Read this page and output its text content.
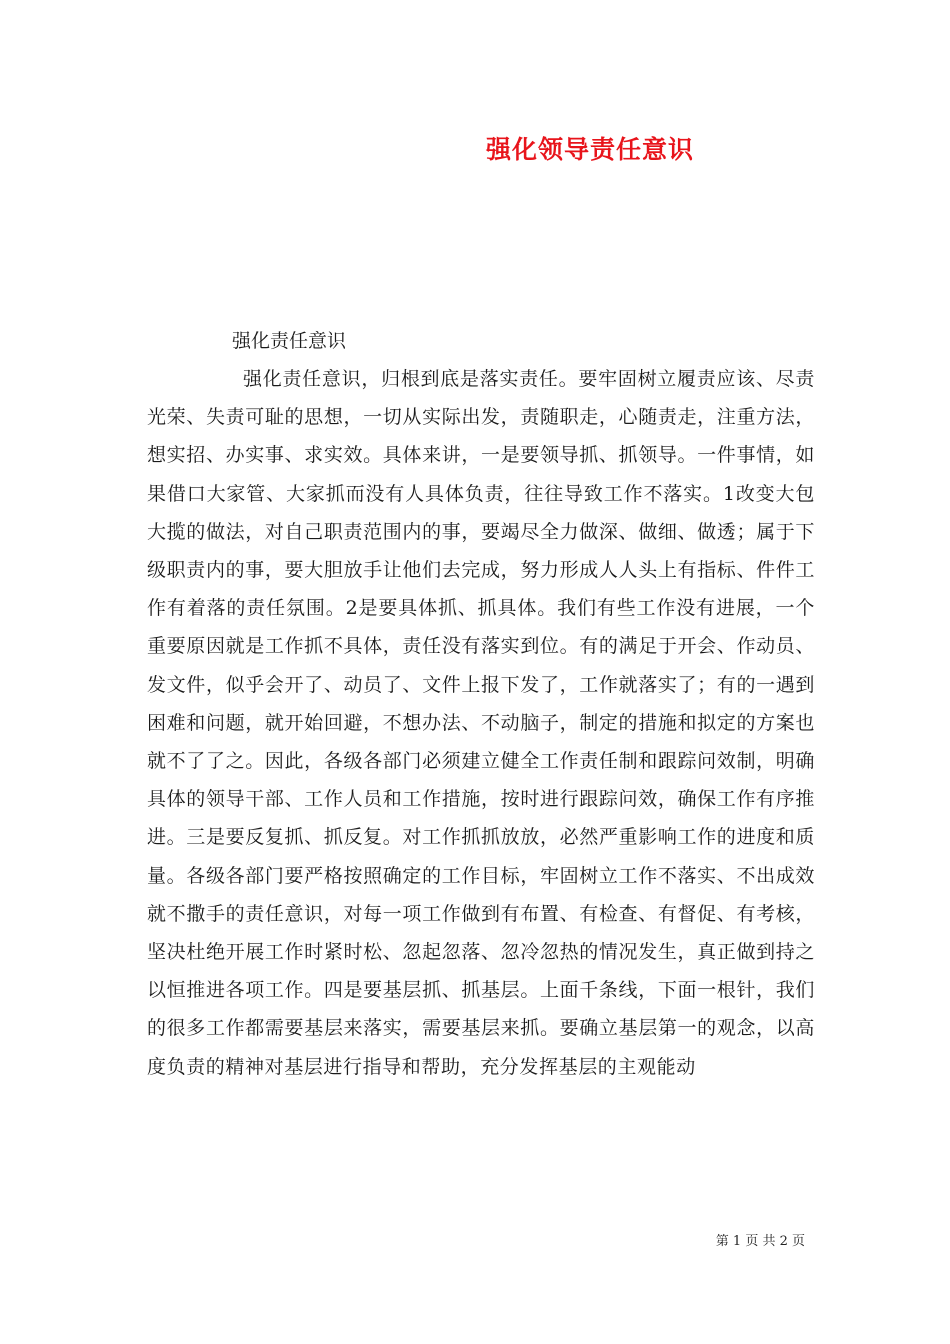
强化领导责任意识
强化责任意识

强化责任意识，归根到底是落实责任。要牢固树立履责应该、尽责光荣、失责可耻的思想，一切从实际出发，责随职走，心随责走，注重方法，想实招、办实事、求实效。具体来讲，一是要领导抓、抓领导。一件事情，如果借口大家管、大家抓而没有人具体负责，往往导致工作不落实。1改变大包大揽的做法，对自己职责范围内的事，要竭尽全力做深、做细、做透；属于下级职责内的事，要大胆放手让他们去完成，努力形成人人头上有指标、件件工作有着落的责任氛围。2是要具体抓、抓具体。我们有些工作没有进展，一个重要原因就是工作抓不具体，责任没有落实到位。有的满足于开会、作动员、发文件，似乎会开了、动员了、文件上报下发了，工作就落实了；有的一遇到困难和问题，就开始回避，不想办法、不动脑子，制定的措施和拟定的方案也就不了了之。因此，各级各部门必须建立健全工作责任制和跟踪问效制，明确具体的领导干部、工作人员和工作措施，按时进行跟踪问效，确保工作有序推进。三是要反复抓、抓反复。对工作抓抓放放，必然严重影响工作的进度和质量。各级各部门要严格按照确定的工作目标，牢固树立工作不落实、不出成效就不撒手的责任意识，对每一项工作做到有布置、有检查、有督促、有考核，坚决杜绝开展工作时紧时松、忽起忽落、忽冷忽热的情况发生，真正做到持之以恒推进各项工作。四是要基层抓、抓基层。上面千条线，下面一根针，我们的很多工作都需要基层来落实，需要基层来抓。要确立基层第一的观念，以高度负责的精神对基层进行指导和帮助，充分发挥基层的主观能动

第 1 页 共 2 页
